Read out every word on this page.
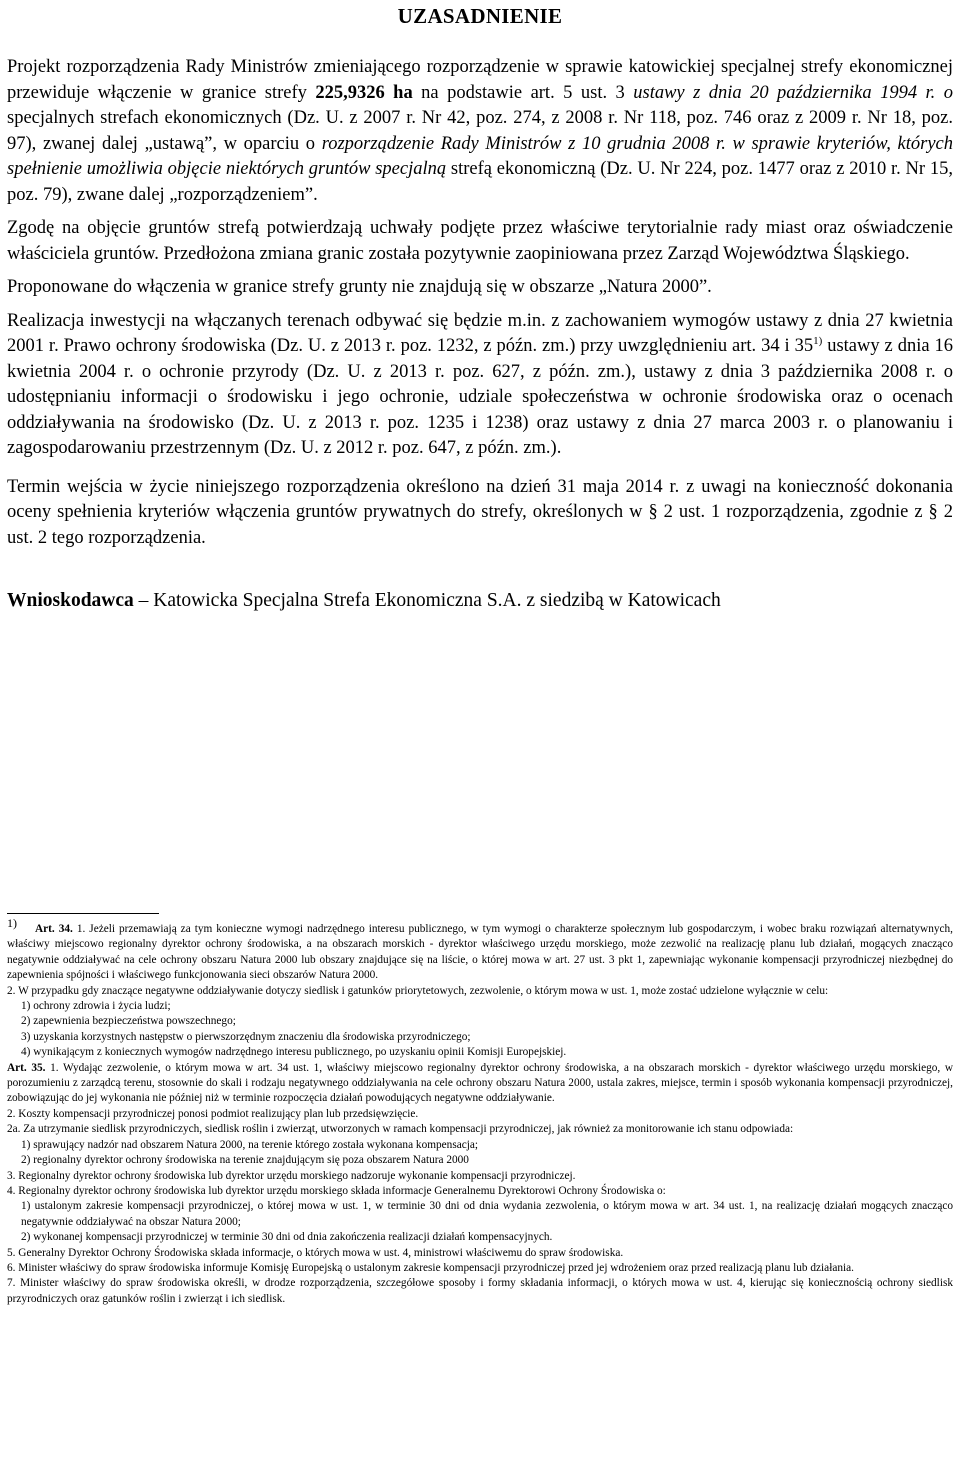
UZASADNIENIE

Projekt rozporządzenia Rady Ministrów zmieniającego rozporządzenie w sprawie katowickiej specjalnej strefy ekonomicznej przewiduje włączenie w granice strefy 225,9326 ha na podstawie art. 5 ust. 3 ustawy z dnia 20 października 1994 r. o specjalnych strefach ekonomicznych (Dz. U. z 2007 r. Nr 42, poz. 274, z 2008 r. Nr 118, poz. 746 oraz z 2009 r. Nr 18, poz. 97), zwanej dalej „ustawą”, w oparciu o rozporządzenie Rady Ministrów z 10 grudnia 2008 r. w sprawie kryteriów, których spełnienie umożliwia objęcie niektórych gruntów specjalną strefą ekonomiczną (Dz. U. Nr 224, poz. 1477 oraz z 2010 r. Nr 15, poz. 79), zwane dalej „rozporządzeniem”.

Zgodę na objęcie gruntów strefą potwierdzają uchwały podjęte przez właściwe terytorialnie rady miast oraz oświadczenie właściciela gruntów. Przedłożona zmiana granic została pozytywnie zaopiniowana przez Zarząd Województwa Śląskiego.

Proponowane do włączenia w granice strefy grunty nie znajdują się w obszarze „Natura 2000”.

Realizacja inwestycji na włączanych terenach odbywać się będzie m.in. z zachowaniem wymogów ustawy z dnia 27 kwietnia 2001 r. Prawo ochrony środowiska (Dz. U. z 2013 r. poz. 1232, z późn. zm.) przy uwzględnieniu art. 34 i 35$^{1)}$ ustawy z dnia 16 kwietnia 2004 r. o ochronie przyrody (Dz. U. z 2013 r. poz. 627, z późn. zm.), ustawy z dnia 3 października 2008 r. o udostępnianiu informacji o środowisku i jego ochronie, udziale społeczeństwa w ochronie środowiska oraz o ocenach oddziaływania na środowisko (Dz. U. z 2013 r. poz. 1235 i 1238) oraz ustawy z dnia 27 marca 2003 r. o planowaniu i zagospodarowaniu przestrzennym (Dz. U. z 2012 r. poz. 647, z późn. zm.).

Termin wejścia w życie niniejszego rozporządzenia określono na dzień 31 maja 2014 r. z uwagi na konieczność dokonania oceny spełnienia kryteriów włączenia gruntów prywatnych do strefy, określonych w § 2 ust. 1 rozporządzenia, zgodnie z § 2 ust. 2 tego rozporządzenia.

Wnioskodawca – Katowicka Specjalna Strefa Ekonomiczna S.A. z siedzibą w Katowicach

1) Art. 34. 1. Jeżeli przemawiają za tym konieczne wymogi nadrzędnego interesu publicznego, w tym wymogi o charakterze społecznym lub gospodarczym, i wobec braku rozwiązań alternatywnych, właściwy miejscowo regionalny dyrektor ochrony środowiska, a na obszarach morskich - dyrektor właściwego urzędu morskiego, może zezwolić na realizację planu lub działań, mogących znacząco negatywnie oddziaływać na cele ochrony obszaru Natura 2000 lub obszary znajdujące się na liście, o której mowa w art. 27 ust. 3 pkt 1, zapewniając wykonanie kompensacji przyrodniczej niezbędnej do zapewnienia spójności i właściwego funkcjonowania sieci obszarów Natura 2000.

2. W przypadku gdy znaczące negatywne oddziaływanie dotyczy siedlisk i gatunków priorytetowych, zezwolenie, o którym mowa w ust. 1, może zostać udzielone wyłącznie w celu:

1) ochrony zdrowia i życia ludzi;

2) zapewnienia bezpieczeństwa powszechnego;

3) uzyskania korzystnych następstw o pierwszorzędnym znaczeniu dla środowiska przyrodniczego;

4) wynikającym z koniecznych wymogów nadrzędnego interesu publicznego, po uzyskaniu opinii Komisji Europejskiej.

Art. 35. 1. Wydając zezwolenie, o którym mowa w art. 34 ust. 1, właściwy miejscowo regionalny dyrektor ochrony środowiska, a na obszarach morskich - dyrektor właściwego urzędu morskiego, w porozumieniu z zarządcą terenu, stosownie do skali i rodzaju negatywnego oddziaływania na cele ochrony obszaru Natura 2000, ustala zakres, miejsce, termin i sposób wykonania kompensacji przyrodniczej, zobowiązując do jej wykonania nie później niż w terminie rozpoczęcia działań powodujących negatywne oddziaływanie.

2. Koszty kompensacji przyrodniczej ponosi podmiot realizujący plan lub przedsięwzięcie.

2a. Za utrzymanie siedlisk przyrodniczych, siedlisk roślin i zwierząt, utworzonych w ramach kompensacji przyrodniczej, jak również za monitorowanie ich stanu odpowiada:

1) sprawujący nadzór nad obszarem Natura 2000, na terenie którego została wykonana kompensacja;

2) regionalny dyrektor ochrony środowiska na terenie znajdującym się poza obszarem Natura 2000

3. Regionalny dyrektor ochrony środowiska lub dyrektor urzędu morskiego nadzoruje wykonanie kompensacji przyrodniczej.

4. Regionalny dyrektor ochrony środowiska lub dyrektor urzędu morskiego składa informacje Generalnemu Dyrektorowi Ochrony Środowiska o:

1) ustalonym zakresie kompensacji przyrodniczej, o której mowa w ust. 1, w terminie 30 dni od dnia wydania zezwolenia, o którym mowa w art. 34 ust. 1, na realizację działań mogących znacząco negatywnie oddziaływać na obszar Natura 2000;

2) wykonanej kompensacji przyrodniczej w terminie 30 dni od dnia zakończenia realizacji działań kompensacyjnych.

5. Generalny Dyrektor Ochrony Środowiska składa informacje, o których mowa w ust. 4, ministrowi właściwemu do spraw środowiska.

6. Minister właściwy do spraw środowiska informuje Komisję Europejską o ustalonym zakresie kompensacji przyrodniczej przed jej wdrożeniem oraz przed realizacją planu lub działania.

7. Minister właściwy do spraw środowiska określi, w drodze rozporządzenia, szczegółowe sposoby i formy składania informacji, o których mowa w ust. 4, kierując się koniecznością ochrony siedlisk przyrodniczych oraz gatunków roślin i zwierząt i ich siedlisk.
